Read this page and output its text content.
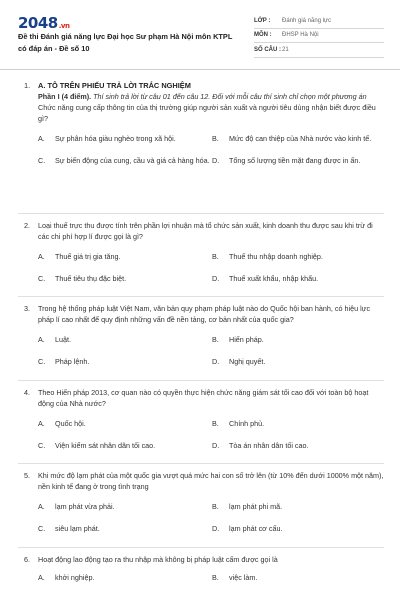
2048.vn
Đề thi Đánh giá năng lực Đại học Sư phạm Hà Nội môn KTPL có đáp án - Đề số 10
LỚP :	Đánh giá năng lực
MÔN :	ĐHSP Hà Nội
SỐ CÂU : 21
1.	A. TÔ TRÊN PHIẾU TRẢ LỜI TRẮC NGHIỆM
Phần I (4 điểm). Thí sinh trả lời từ câu 01 đến câu 12. Đối với mỗi câu thí sinh chỉ chọn một phương án
Chức năng cung cấp thông tin của thị trường giúp người sản xuất và người tiêu dùng nhận biết được điều gì?
A.	Sự phân hóa giàu nghèo trong xã hội.	B.	Mức độ can thiệp của Nhà nước vào kinh tế.
C.	Sự biến động của cung, cầu và giá cả hàng hóa. D.	Tổng số lượng tiền mặt đang được in ấn.
2.	Loại thuế trực thu được tính trên phần lợi nhuận mà tổ chức sản xuất, kinh doanh thu được sau khi trừ đi các chi phí hợp lí được gọi là gì?
A.	Thuế giá trị gia tăng.	B.	Thuế thu nhập doanh nghiệp.
C.	Thuế tiêu thụ đặc biệt.	D.	Thuế xuất khẩu, nhập khẩu.
3.	Trong hệ thống pháp luật Việt Nam, văn bản quy phạm pháp luật nào do Quốc hội ban hành, có hiệu lực pháp lí cao nhất để quy định những vấn đề nền tảng, cơ bản nhất của quốc gia?
A.	Luật.	B.	Hiến pháp.
C.	Pháp lệnh.	D.	Nghị quyết.
4.	Theo Hiến pháp 2013, cơ quan nào có quyền thực hiện chức năng giám sát tối cao đối với toàn bộ hoạt động của Nhà nước?
A.	Quốc hội.	B.	Chính phủ.
C.	Viện kiểm sát nhân dân tối cao.	D.	Tòa án nhân dân tối cao.
5.	Khi mức độ lạm phát của một quốc gia vượt quá mức hai con số trở lên (từ 10% đến dưới 1000% một năm), nền kinh tế đang ở trong tình trạng
A.	lạm phát vừa phải.	B.	lạm phát phi mã.
C.	siêu lạm phát.	D.	lạm phát cơ cấu.
6.	Hoạt động lao động tạo ra thu nhập mà không bị pháp luật cấm được gọi là
A.	khởi nghiệp.	B.	việc làm.
